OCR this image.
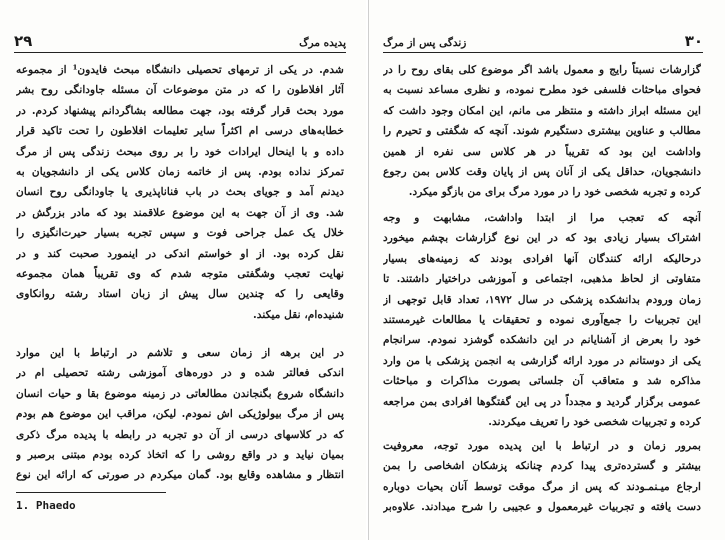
پدیده مرگ
۲۹
شدم. در یکی از ترمهای تحصیلی دانشگاه مبحث فایدون¹ از مجموعه
آثار افلاطون را که در متن موضوعات آن مسئله جاودانگی روح بشر
مورد بحث قرار گرفته بود، جهت مطالعه بشاگردانم پیشنهاد کردم. در
خطابه‌های درسی ام اکثراً سایر تعلیمات افلاطون را تحت تاکید قرار
داده و با اینحال ایرادات خود را بر روی مبحث زندگی پس از مرگ
تمرکز نداده بودم. پس از خاتمه زمان کلاس یکی از دانشجویان به
دیدنم آمد و جویای بحث در باب فناناپذیری یا جاودانگی روح انسان
شد. وی از آن جهت به این موضوع علاقمند بود که مادر بزرگش در
خلال یک عمل جراحی فوت و سپس تجربه بسیار حیرت‌انگیزی را
نقل کرده بود. از او خواستم اندکی در اینمورد صحبت کند و در
نهایت تعجب وشگفتی متوجه شدم که وی تقریباً همان مجموعه
وقایعی را که چندین سال پیش از زبان استاد رشته روانکاوی
شنیده‌ام، نقل میکند.
در این برهه از زمان سعی و تلاشم در ارتباط با این موارد
اندکی فعالتر شده و در دوره‌های آموزشی رشته تحصیلی ام در
دانشگاه شروع بگنجاندن مطالعاتی در زمینه موضوع بقا و حیات انسان
پس از مرگ بیولوژیکی اش نمودم. لیکن، مراقب این موضوع هم بودم
که در کلاسهای درسی از آن دو تجربه در رابطه با پدیده مرگ ذکری
بمیان نیاید و در واقع روشی را که اتخاذ کرده بودم مبتنی برصبر و
انتظار و مشاهده وقایع بود. گمان میکردم در صورتی که ارائه این نوع
1. Phaedo
۳۰
زندگی پس از مرگ
گزارشات نسبتاً رایج و معمول باشد اگر موضوع کلی بقای روح را در
فحوای مباحثات فلسفی خود مطرح نموده، و نظری مساعد نسبت به
این مسئله ابراز داشته و منتظر می مانم، این امکان وجود داشت که
مطالب و عناوین بیشتری دستگیرم شوند. آنچه که شگفتی و تحیرم را
واداشت این بود که تقریباً در هر کلاس سی نفره از همین
دانشجویان، حداقل یکی از آنان پس از پایان وقت کلاس بمن رجوع
کرده و تجربه شخصی خود را در مورد مرگ برای من بازگو میکرد.
آنچه که تعجب مرا از ابتدا واداشت، مشابهت و وجه
اشتراک بسیار زیادی بود که در این نوع گزارشات بچشم میخورد
درحالیکه ارائه کنندگان آنها افرادی بودند که زمینه‌های بسیار
متفاوتی از لحاظ مذهبی، اجتماعی و آموزشی دراختیار داشتند. تا
زمان ورودم بدانشکده پزشکی در سال ۱۹۷۲، تعداد قابل توجهی از
این تجربیات را جمع‌آوری نموده و تحقیقات یا مطالعات غیرمستند
خود را بعرض از آشنایانم در این دانشکده گوشزد نمودم. سرانجام
یکی از دوستانم در مورد ارائه گزارشی به انجمن پزشکی با من وارد
مذاکره شد و متعاقب آن جلساتی بصورت مذاکرات و مباحثات
عمومی برگزار گردید و مجدداً در پی این گفتگوها افرادی بمن مراجعه
کرده و تجربیات شخصی خود را تعریف میکردند.
بمرور زمان و در ارتباط با این پدیده مورد توجه، معروفیت
بیشتر و گسترده‌تری پیدا کردم چنانکه پزشکان اشخاصی را بمن
ارجاع میـنمـودند که پس از مرگ موقت توسط آنان بحیات دوباره
دست یافته و تجربیات غیرمعمول و عجیبی را شرح میدادند. علاوه‌بر
